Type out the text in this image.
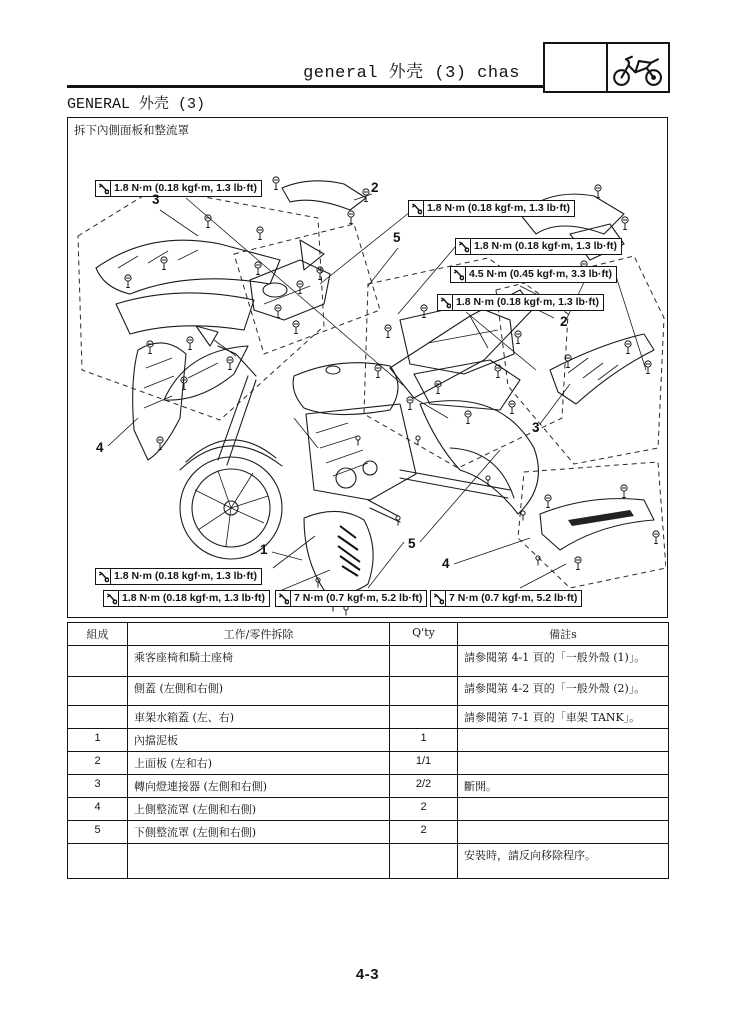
general 外壳 (3) chas
GENERAL 外壳 (3)
拆下內側面板和整流罩
1.8 N·m (0.18 kgf·m, 1.3 lb·ft)
1.8 N·m (0.18 kgf·m, 1.3 lb·ft)
1.8 N·m (0.18 kgf·m, 1.3 lb·ft)
4.5 N·m (0.45 kgf·m, 3.3 lb·ft)
1.8 N·m (0.18 kgf·m, 1.3 lb·ft)
1.8 N·m (0.18 kgf·m, 1.3 lb·ft)
1.8 N·m (0.18 kgf·m, 1.3 lb·ft)	7 N·m (0.7 kgf·m, 5.2 lb·ft)	7 N·m (0.7 kgf·m, 5.2 lb·ft)
3
2
5
2
3
4
1	5
4
組成	工作/零件拆除	Q'ty	備註s
	乘客座椅和騎士座椅		請參閱第 4-1 頁的「一般外殼 (1)」。
	側蓋 (左側和右側)		請參閱第 4-2 頁的「一般外殼 (2)」。
	車架水箱蓋 (左、右)		請參閱第 7-1 頁的「車架 TANK」。
1	內擋泥板	1	
2	上面板 (左和右)	1/1	
3	轉向燈連接器 (左側和右側)	2/2	斷開。
4	上側整流罩 (左側和右側)	2	
5	下側整流罩 (左側和右側)	2	
			安裝時，請反向移除程序。
4-3
